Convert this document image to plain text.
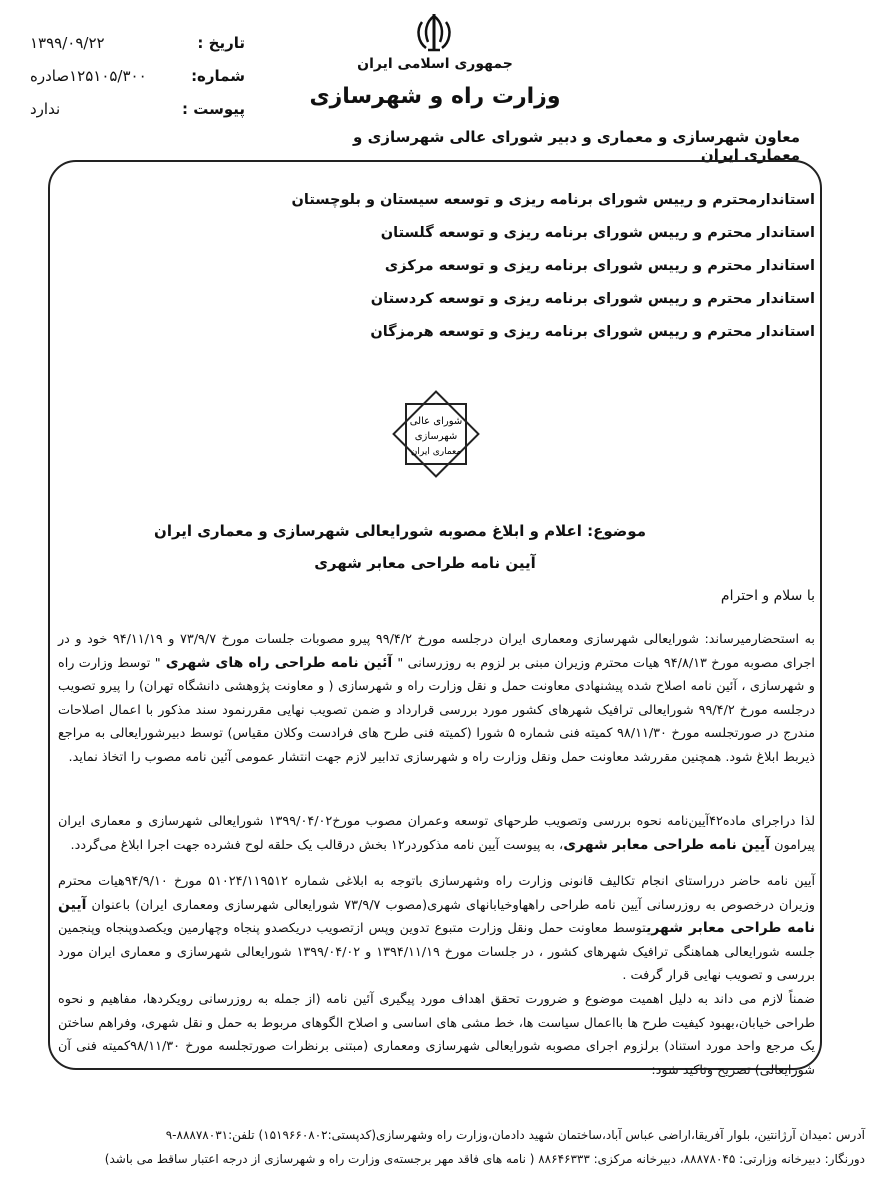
تاریخ :
۱۳۹۹/۰۹/۲۲
شماره:
۱۲۵۱۰۵/۳۰۰صادره
پیوست :
ندارد
جمهوری اسلامی ایران
وزارت راه و شهرسازی
معاون شهرسازی و معماری و دبیر شورای عالی شهرسازی و معماری ایران
استاندارمحترم و رییس شورای برنامه ریزی و توسعه سیستان و بلوچستان
استاندار محترم و رییس شورای برنامه ریزی و توسعه گلستان
استاندار محترم و رییس شورای برنامه ریزی و توسعه مرکزی
استاندار محترم و رییس شورای برنامه ریزی و توسعه کردستان
استاندار محترم و رییس شورای برنامه ریزی و توسعه هرمزگان
شورای عالی
شهرسازی
معماری ایران
موضوع: اعلام و ابلاغ مصوبه شورایعالی شهرسازی و معماری ایران
آیین نامه طراحی معابر شهری
با سلام و احترام
به استحضارمیرساند: شورایعالی شهرسازی ومعماری ایران درجلسه مورخ ۹۹/۴/۲ پیرو مصوبات جلسات مورخ ۷۳/۹/۷ و ۹۴/۱۱/۱۹ خود و در اجرای مصوبه مورخ ۹۴/۸/۱۳ هیات محترم وزیران مبنی بر لزوم به روزرسانی " آئین نامه طراحی راه های شهری " توسط وزارت راه و شهرسازی ، آئین نامه اصلاح شده پیشنهادی معاونت حمل و نقل وزارت راه و شهرسازی ( و معاونت پژوهشی دانشگاه تهران) را پیرو تصویب درجلسه مورخ ۹۹/۴/۲ شورایعالی ترافیک شهرهای کشور مورد بررسی قرارداد و ضمن تصویب نهایی مقررنمود سند مذکور با اعمال اصلاحات مندرج در صورتجلسه مورخ ۹۸/۱۱/۳۰ کمیته فنی شماره ۵ شورا (کمیته فنی طرح های فرادست وکلان مقیاس) توسط دبیرشورایعالی به مراجع ذیربط ابلاغ شود. همچنین مقررشد معاونت حمل ونقل وزارت راه و شهرسازی تدابیر لازم جهت انتشار عمومی آئین نامه مصوب را اتخاذ نماید.
لذا دراجرای ماده۴۲آیین‌نامه نحوه بررسی وتصویب طرحهای توسعه وعمران مصوب مورخ۱۳۹۹/۰۴/۰۲ شورایعالی شهرسازی و معماری ایران پیرامون آیین نامه طراحی معابر شهری، به پیوست آیین نامه مذکوردر۱۲ بخش درقالب یک حلقه لوح فشرده جهت اجرا ابلاغ می‌گردد.
آیین نامه حاضر درراستای انجام تکالیف قانونی وزارت راه وشهرسازی باتوجه به ابلاغی شماره ۵۱۰۲۴/۱۱۹۵۱۲ مورخ ۹۴/۹/۱۰هیات محترم وزیران درخصوص به روزرسانی آیین نامه طراحی راههاوخیابانهای شهری(مصوب ۷۳/۹/۷ شورایعالی شهرسازی ومعماری ایران) باعنوان آیین نامه طراحی معابر شهریتوسط معاونت حمل ونقل وزارت متبوع تدوین وپس ازتصویب دریکصدو پنجاه وچهارمین ویکصدوپنجاه وپنجمین جلسه شورایعالی هماهنگی ترافیک شهرهای کشور ، در جلسات مورخ ۱۳۹۴/۱۱/۱۹ و ۱۳۹۹/۰۴/۰۲ شورایعالی شهرسازی و معماری ایران مورد بررسی و تصویب نهایی قرار گرفت .
ضمناً لازم می داند به دلیل اهمیت موضوع و ضرورت تحقق اهداف مورد پیگیری آئین نامه (از جمله به روزرسانی رویکردها، مفاهیم و نحوه طراحی خیابان،بهبود کیفیت طرح ها بااعمال سیاست ها، خط مشی های اساسی و اصلاح الگوهای مربوط به حمل و نقل شهری، وفراهم ساختن یک مرجع واحد مورد استناد) برلزوم اجرای مصوبه شورایعالی شهرسازی ومعماری (مبتنی برنظرات صورتجلسه مورخ ۹۸/۱۱/۳۰کمیته فنی آن شورایعالی) تصریح وتاکید شود:
آدرس :میدان آرژانتین، بلوار آفریقا،اراضی عباس آباد،ساختمان شهید دادمان،وزارت راه وشهرسازی(کدپستی:۱۵۱۹۶۶۰۸۰۲) تلفن:۸۸۸۷۸۰۳۱-۹
دورنگار: دبیرخانه وزارتی: ۸۸۸۷۸۰۴۵، دبیرخانه مرکزی: ۸۸۶۴۶۳۳۳ ( نامه های فاقد مهر برجسته‌ی وزارت راه و شهرسازی از درجه اعتبار ساقط می باشد)
